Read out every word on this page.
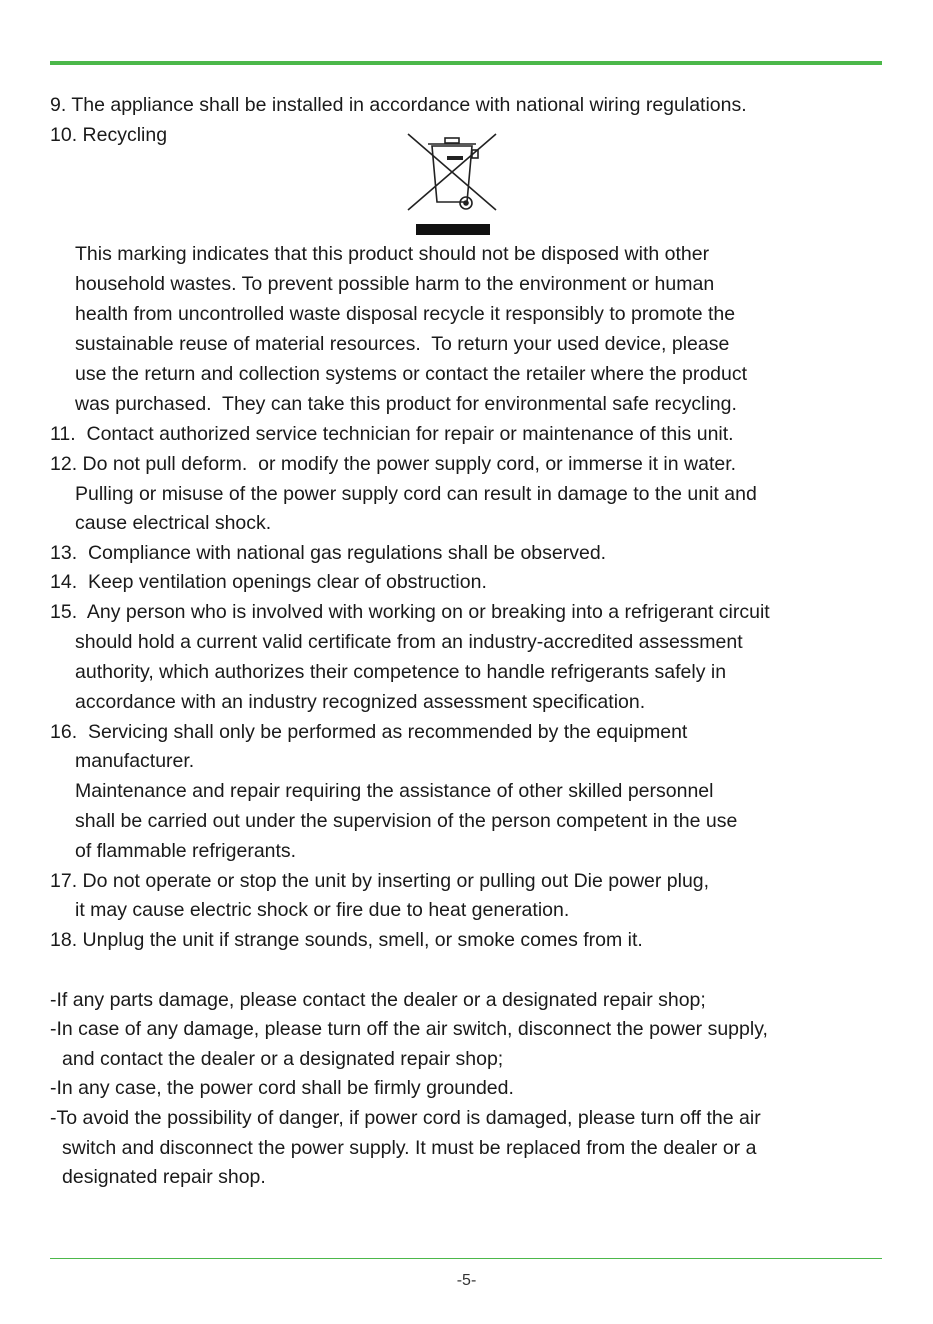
9. The appliance shall be installed in accordance with national wiring regulations.
10. Recycling
This marking indicates that this product should not be disposed with other
household wastes. To prevent possible harm to the environment or human
health from uncontrolled waste disposal recycle it responsibly to promote the
sustainable reuse of material resources.  To return your used device, please
use the return and collection systems or contact the retailer where the product
was purchased.  They can take this product for environmental safe recycling.
11.  Contact authorized service technician for repair or maintenance of this unit.
12. Do not pull deform.  or modify the power supply cord, or immerse it in water.
Pulling or misuse of the power supply cord can result in damage to the unit and
cause electrical shock.
13.  Compliance with national gas regulations shall be observed.
14.  Keep ventilation openings clear of obstruction.
15.  Any person who is involved with working on or breaking into a refrigerant circuit
should hold a current valid certificate from an industry-accredited assessment
authority, which authorizes their competence to handle refrigerants safely in
accordance with an industry recognized assessment specification.
16.  Servicing shall only be performed as recommended by the equipment
manufacturer.
Maintenance and repair requiring the assistance of other skilled personnel
shall be carried out under the supervision of the person competent in the use
of flammable refrigerants.
17. Do not operate or stop the unit by inserting or pulling out Die power plug,
it may cause electric shock or fire due to heat generation.
18. Unplug the unit if strange sounds, smell, or smoke comes from it.
-If any parts damage, please contact the dealer or a designated repair shop;
-In case of any damage, please turn off the air switch, disconnect the power supply,
and contact the dealer or a designated repair shop;
-In any case, the power cord shall be firmly grounded.
-To avoid the possibility of danger, if power cord is damaged, please turn off the air
switch and disconnect the power supply. It must be replaced from the dealer or a
designated repair shop.
-5-
